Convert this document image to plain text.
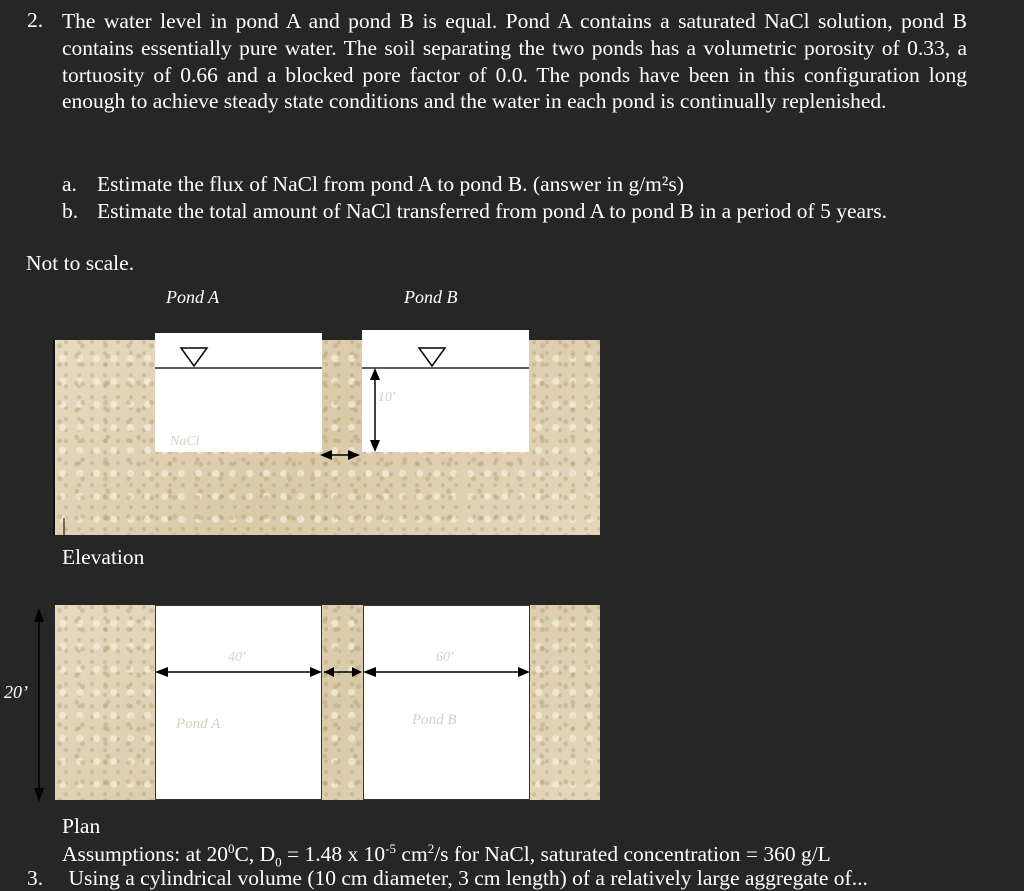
2. The water level in pond A and pond B is equal. Pond A contains a saturated NaCl solution, pond B contains essentially pure water. The soil separating the two ponds has a volumetric porosity of 0.33, a tortuosity of 0.66 and a blocked pore factor of 0.0. The ponds have been in this configuration long enough to achieve steady state conditions and the water in each pond is continually replenished.
a. Estimate the flux of NaCl from pond A to pond B. (answer in g/m²s)
b. Estimate the total amount of NaCl transferred from pond A to pond B in a period of 5 years.
Not to scale.
Pond A	Pond B
10'
NaCl
1'
Elevation
40'	1'	60'
Pond A	Pond B
20’
Plan
Assumptions: at $20^0C$, $D_0 = 1.48$ x $10^{-5}$ $cm^2/s$ for NaCl, saturated concentration = 360 g/L
3. Using a cylindrical volume (10 cm diameter, 3 cm length) of a relatively large aggregate of...
